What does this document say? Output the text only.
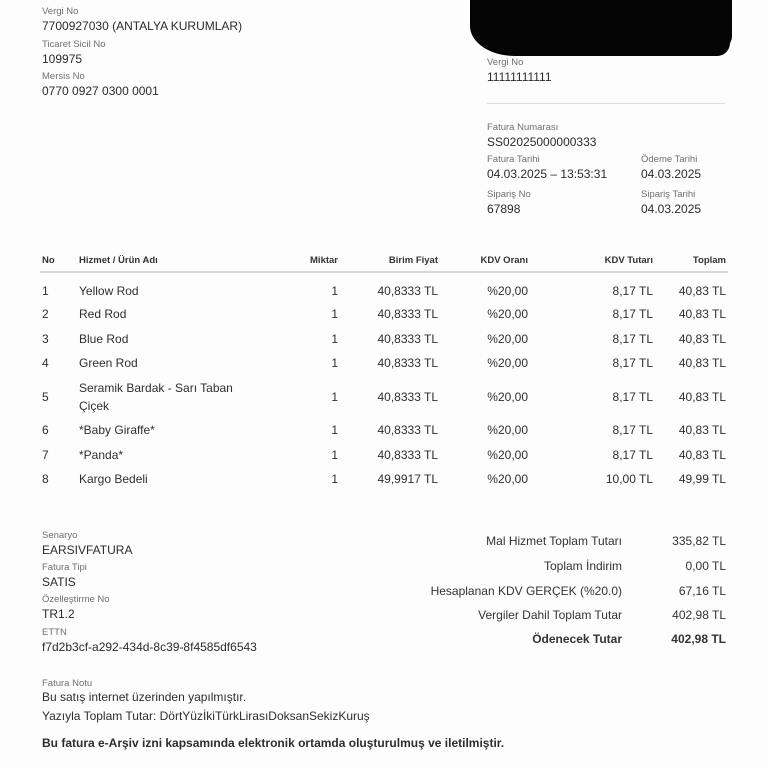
Vergi No
7700927030 (ANTALYA KURUMLAR)
Ticaret Sicil No
109975
Mersis No
0770 0927 0300 0001
Vergi No
11111111111
Fatura Numarası
SS02025000000333
Fatura Tarihi
04.03.2025 – 13:53:31
Ödeme Tarihi
04.03.2025
Sipariş No
67898
Sipariş Tarihi
04.03.2025
No	Hizmet / Ürün Adı	Miktar	Birim Fiyat	KDV Oranı	KDV Tutarı	Toplam
1	Yellow Rod	1	40,8333 TL	%20,00	8,17 TL	40,83 TL
2	Red Rod	1	40,8333 TL	%20,00	8,17 TL	40,83 TL
3	Blue Rod	1	40,8333 TL	%20,00	8,17 TL	40,83 TL
4	Green Rod	1	40,8333 TL	%20,00	8,17 TL	40,83 TL
5	Seramik Bardak - Sarı Taban
Çiçek	1	40,8333 TL	%20,00	8,17 TL	40,83 TL
6	*Baby Giraffe*	1	40,8333 TL	%20,00	8,17 TL	40,83 TL
7	*Panda*	1	40,8333 TL	%20,00	8,17 TL	40,83 TL
8	Kargo Bedeli	1	49,9917 TL	%20,00	10,00 TL	49,99 TL
Senaryo
EARSIVFATURA
Fatura Tipi
SATIS
Özelleştirme No
TR1.2
ETTN
f7d2b3cf-a292-434d-8c39-8f4585df6543
Mal Hizmet Toplam Tutarı	335,82 TL
Toplam İndirim	0,00 TL
Hesaplanan KDV GERÇEK (%20.0)	67,16 TL
Vergiler Dahil Toplam Tutar	402,98 TL
Ödenecek Tutar	402,98 TL
Fatura Notu
Bu satış internet üzerinden yapılmıştır.
Yazıyla Toplam Tutar: DörtYüzİkiTürkLirasıDoksanSekizKuruş
Bu fatura e-Arşiv izni kapsamında elektronik ortamda oluşturulmuş ve iletilmiştir.
